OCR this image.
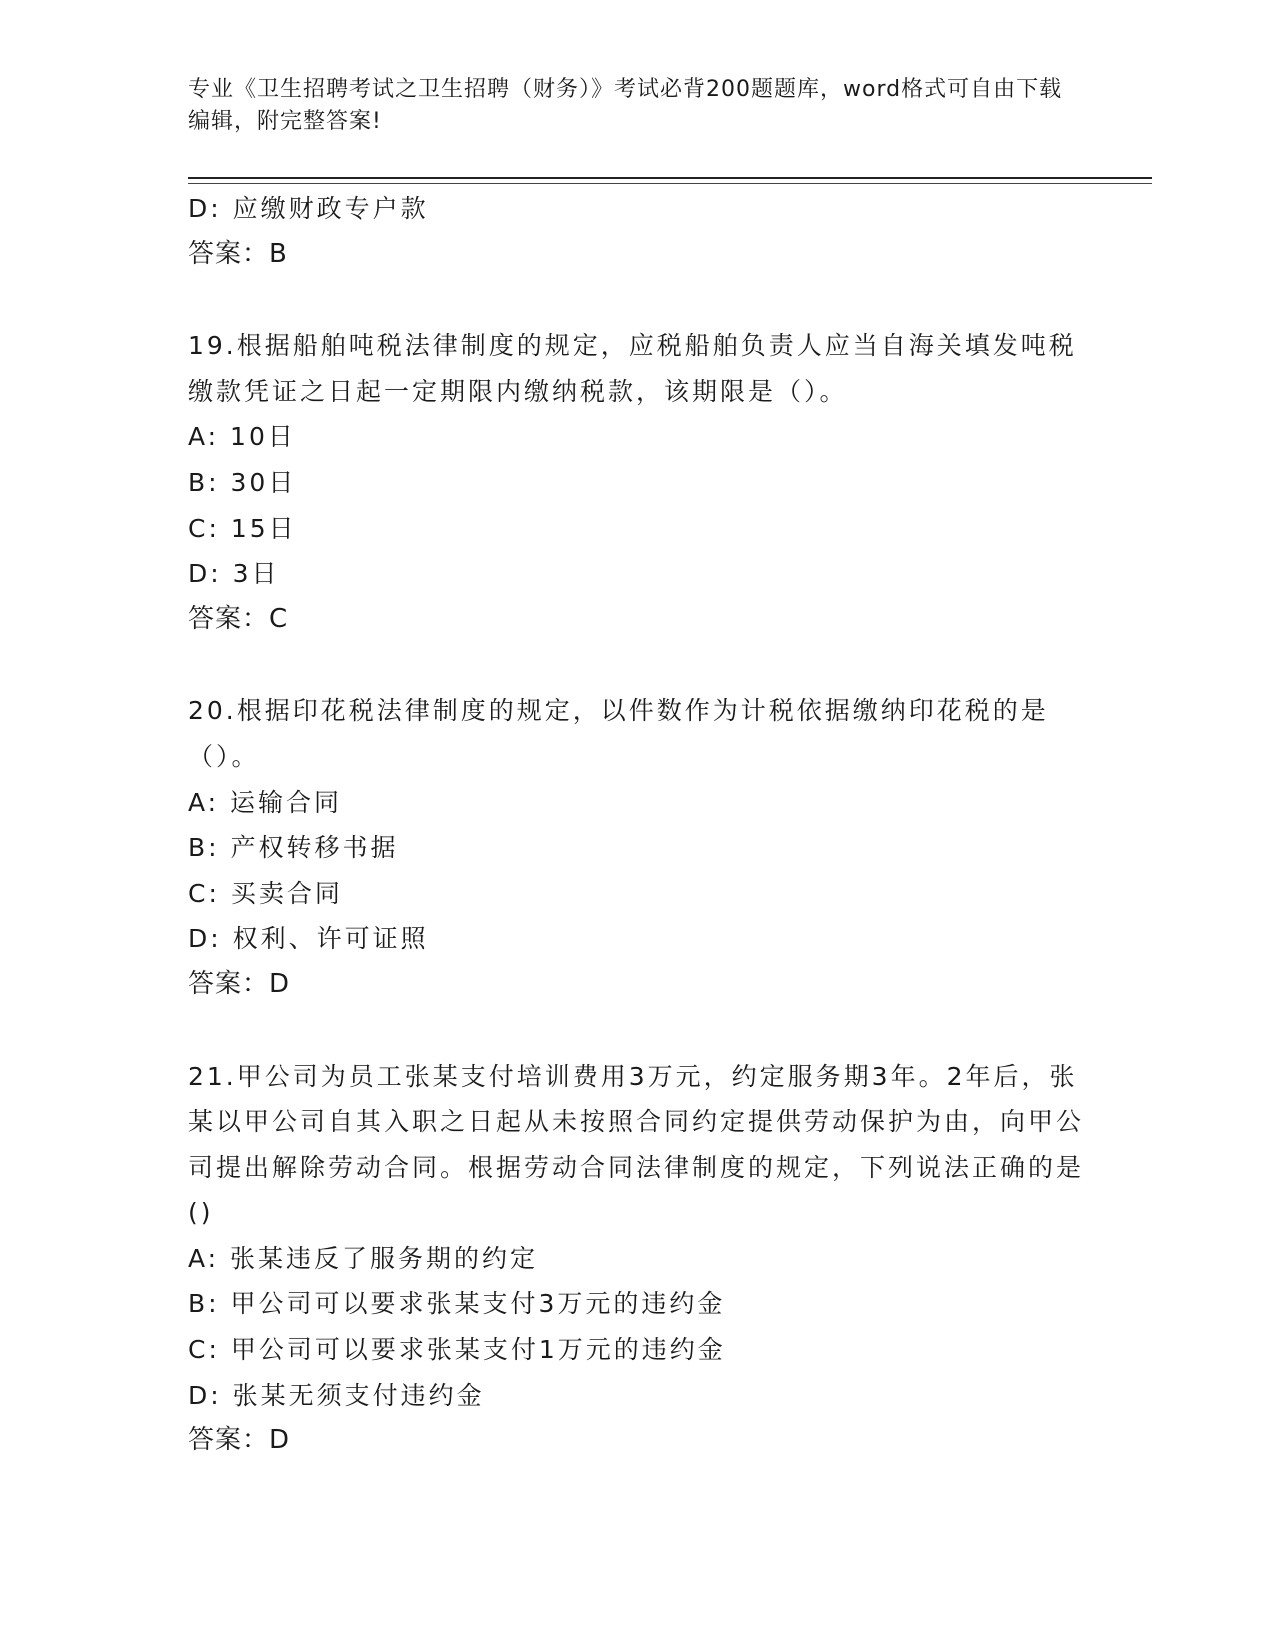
专业《卫生招聘考试之卫生招聘（财务）》考试必背200题题库，word格式可自由下载编辑，附完整答案!
D: 应缴财政专户款
答案：B

19.根据船舶吨税法律制度的规定，应税船舶负责人应当自海关填发吨税缴款凭证之日起一定期限内缴纳税款，该期限是（）。

A: 10日
B: 30日
C: 15日
D: 3日
答案：C

20.根据印花税法律制度的规定，以件数作为计税依据缴纳印花税的是（）。

A: 运输合同
B: 产权转移书据
C: 买卖合同
D: 权利、许可证照
答案：D

21.甲公司为员工张某支付培训费用3万元，约定服务期3年。2年后，张某以甲公司自其入职之日起从未按照合同约定提供劳动保护为由，向甲公司提出解除劳动合同。根据劳动合同法律制度的规定，下列说法正确的是()

A: 张某违反了服务期的约定
B: 甲公司可以要求张某支付3万元的违约金
C: 甲公司可以要求张某支付1万元的违约金
D: 张某无须支付违约金
答案：D
